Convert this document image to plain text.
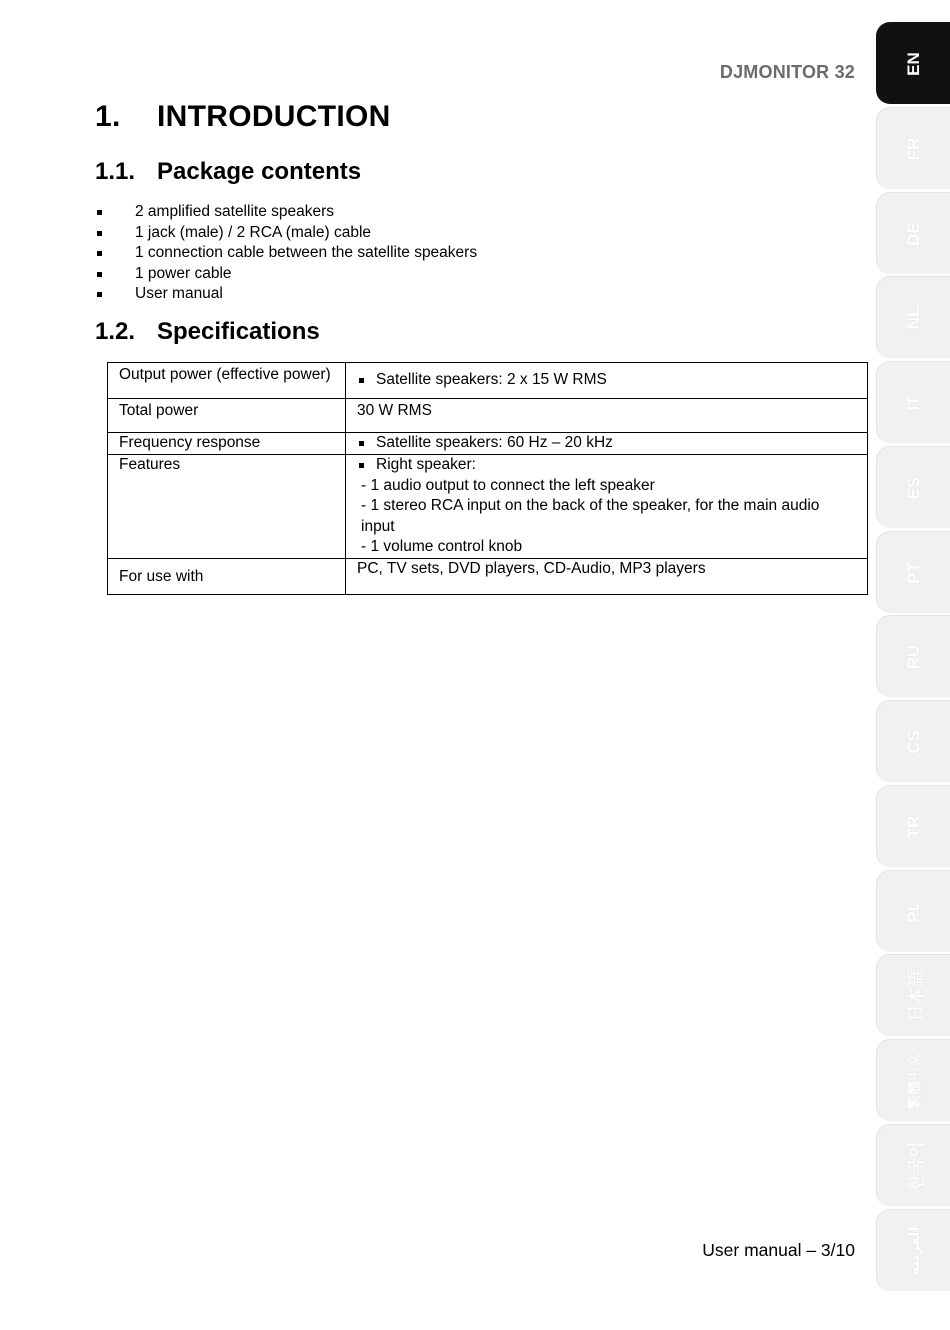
DJMONITOR 32
1. INTRODUCTION
1.1. Package contents
2 amplified satellite speakers
1 jack (male) / 2 RCA (male) cable
1 connection cable between the satellite speakers
1 power cable
User manual
1.2. Specifications
Output power (effective power)	Satellite speakers: 2 x 15 W RMS

Total power	30 W RMS
Frequency response	Satellite speakers: 60 Hz – 20 kHz

Features	Right speaker:
- 1 audio output to connect the left speaker
- 1 stereo RCA input on the back of the speaker, for the main audio input
- 1 volume control knob

For use with	PC, TV sets, DVD players, CD-Audio, MP3 players
User manual – 3/10
EN
FR
DE
NL
IT
ES
PT
RU
CS
TR
PL
日本語
繁體中文
한국어
العربية
